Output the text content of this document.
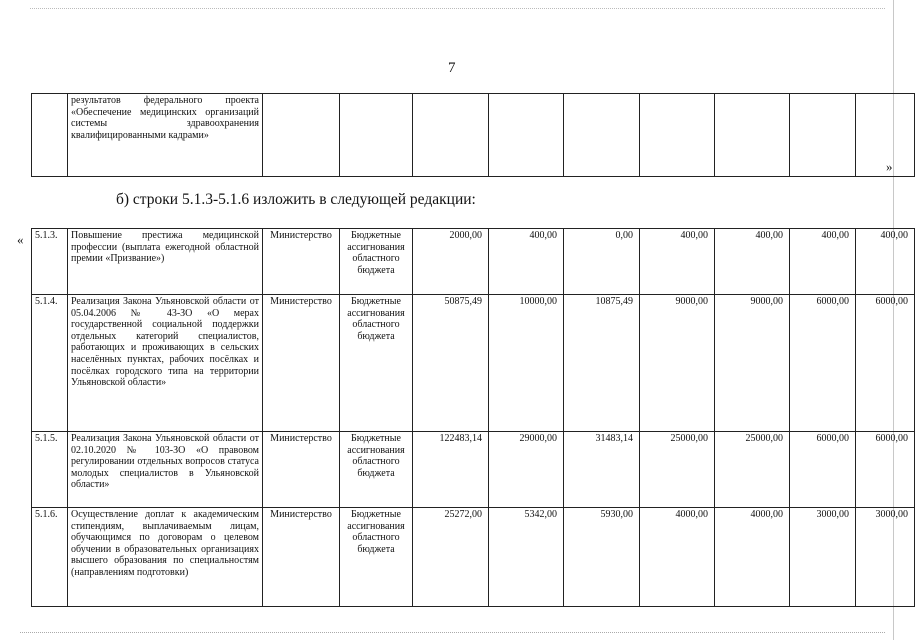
7
	результатов федерального проекта «Обеспечение медицинских организаций системы здравоохранения квалифицированными кадрами»									
»
б) строки 5.1.3-5.1.6 изложить в следующей редакции:
« 5.1.3.	Повышение престижа медицинской профессии (выплата ежегодной областной премии «Призвание»)	Министерство	Бюджетные ассигнования областного бюджета	2000,00	400,00	0,00	400,00	400,00	400,00	400,00
5.1.4.	Реализация Закона Ульяновской области от 05.04.2006 № 43-ЗО «О мерах государственной социальной поддержки отдельных категорий специалистов, работающих и проживающих в сельских населённых пунктах, рабочих посёлках и посёлках городского типа на территории Ульяновской области»	Министерство	Бюджетные ассигнования областного бюджета	50875,49	10000,00	10875,49	9000,00	9000,00	6000,00	6000,00
5.1.5.	Реализация Закона Ульяновской области от 02.10.2020 № 103-ЗО «О правовом регулировании отдельных вопросов статуса молодых специалистов в Ульяновской области»	Министерство	Бюджетные ассигнования областного бюджета	122483,14	29000,00	31483,14	25000,00	25000,00	6000,00	6000,00
5.1.6.	Осуществление доплат к академическим стипендиям, выплачиваемым лицам, обучающимся по договорам о целевом обучении в образовательных организациях высшего образования по специальностям (направлениям подготовки)	Министерство	Бюджетные ассигнования областного бюджета	25272,00	5342,00	5930,00	4000,00	4000,00	3000,00	3000,00
